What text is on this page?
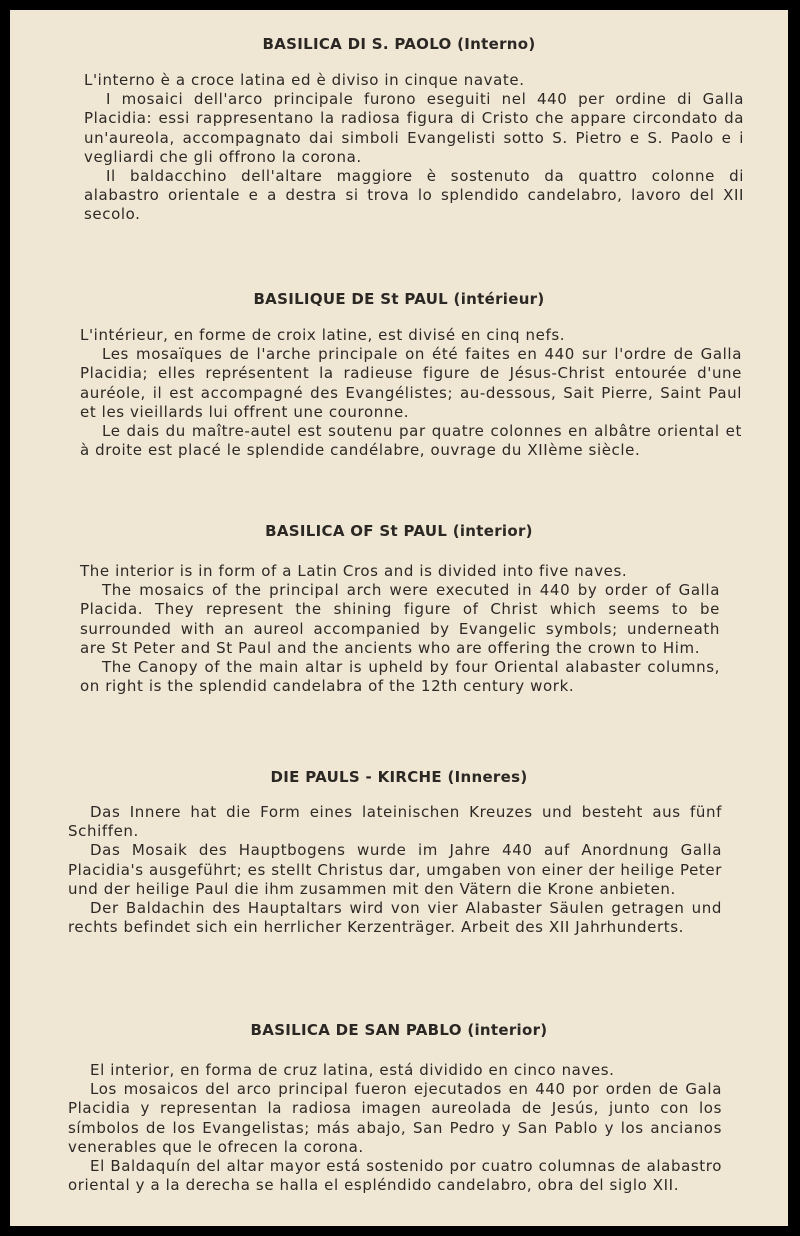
BASILICA DI S. PAOLO (Interno)

L'interno è a croce latina ed è diviso in cinque navate.

I mosaici dell'arco principale furono eseguiti nel 440 per ordine di Galla Placidia: essi rappresentano la radiosa figura di Cristo che appare circondato da un'aureola, accompagnato dai simboli Evangelisti sotto S. Pietro e S. Paolo e i vegliardi che gli offrono la corona.

Il baldacchino dell'altare maggiore è sostenuto da quattro colonne di alabastro orientale e a destra si trova lo splendido candelabro, lavoro del XII secolo.

BASILIQUE DE St PAUL (intérieur)

L'intérieur, en forme de croix latine, est divisé en cinq nefs.

Les mosaïques de l'arche principale on été faites en 440 sur l'ordre de Galla Placidia; elles représentent la radieuse figure de Jésus-Christ entourée d'une auréole, il est accompagné des Evangélistes; au-dessous, Sait Pierre, Saint Paul et les vieillards lui offrent une couronne.

Le dais du maître-autel est soutenu par quatre colonnes en albâtre oriental et à droite est placé le splendide candélabre, ouvrage du XIIème siècle.

BASILICA OF St PAUL (interior)

The interior is in form of a Latin Cros and is divided into five naves.

The mosaics of the principal arch were executed in 440 by order of Galla Placida. They represent the shining figure of Christ which seems to be surrounded with an aureol accompanied by Evangelic symbols; underneath are St Peter and St Paul and the ancients who are offering the crown to Him.

The Canopy of the main altar is upheld by four Oriental alabaster columns, on right is the splendid candelabra of the 12th century work.

DIE PAULS - KIRCHE (Inneres)

Das Innere hat die Form eines lateinischen Kreuzes und besteht aus fünf Schiffen.

Das Mosaik des Hauptbogens wurde im Jahre 440 auf Anordnung Galla Placidia's ausgeführt; es stellt Christus dar, umgaben von einer der heilige Peter und der heilige Paul die ihm zusammen mit den Vätern die Krone anbieten.

Der Baldachin des Hauptaltars wird von vier Alabaster Säulen getragen und rechts befindet sich ein herrlicher Kerzenträger. Arbeit des XII Jahrhunderts.

BASILICA DE SAN PABLO (interior)

El interior, en forma de cruz latina, está dividido en cinco naves.

Los mosaicos del arco principal fueron ejecutados en 440 por orden de Gala Placidia y representan la radiosa imagen aureolada de Jesús, junto con los símbolos de los Evangelistas; más abajo, San Pedro y San Pablo y los ancianos venerables que le ofrecen la corona.

El Baldaquín del altar mayor está sostenido por cuatro columnas de alabastro oriental y a la derecha se halla el espléndido candelabro, obra del siglo XII.
